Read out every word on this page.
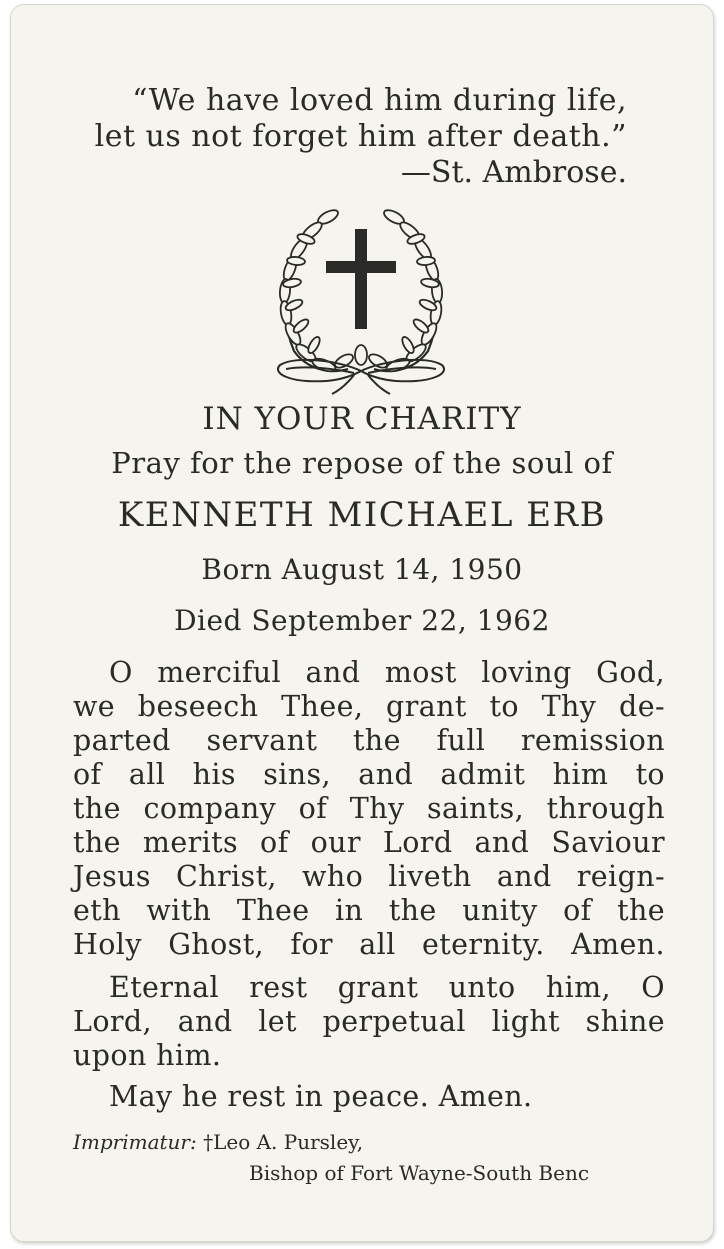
“We have loved him during life,
let us not forget him after death.”
—St. Ambrose.
IN YOUR CHARITY
Pray for the repose of the soul of
KENNETH MICHAEL ERB
Born August 14, 1950
Died September 22, 1962
O merciful and most loving God,
we beseech Thee, grant to Thy de-
parted servant the full remission
of all his sins, and admit him to
the company of Thy saints, through
the merits of our Lord and Saviour
Jesus Christ, who liveth and reign-
eth with Thee in the unity of the
Holy Ghost, for all eternity. Amen.
Eternal rest grant unto him, O
Lord, and let perpetual light shine
upon him.
May he rest in peace. Amen.
Imprimatur: †Leo A. Pursley,
Bishop of Fort Wayne-South Benc
